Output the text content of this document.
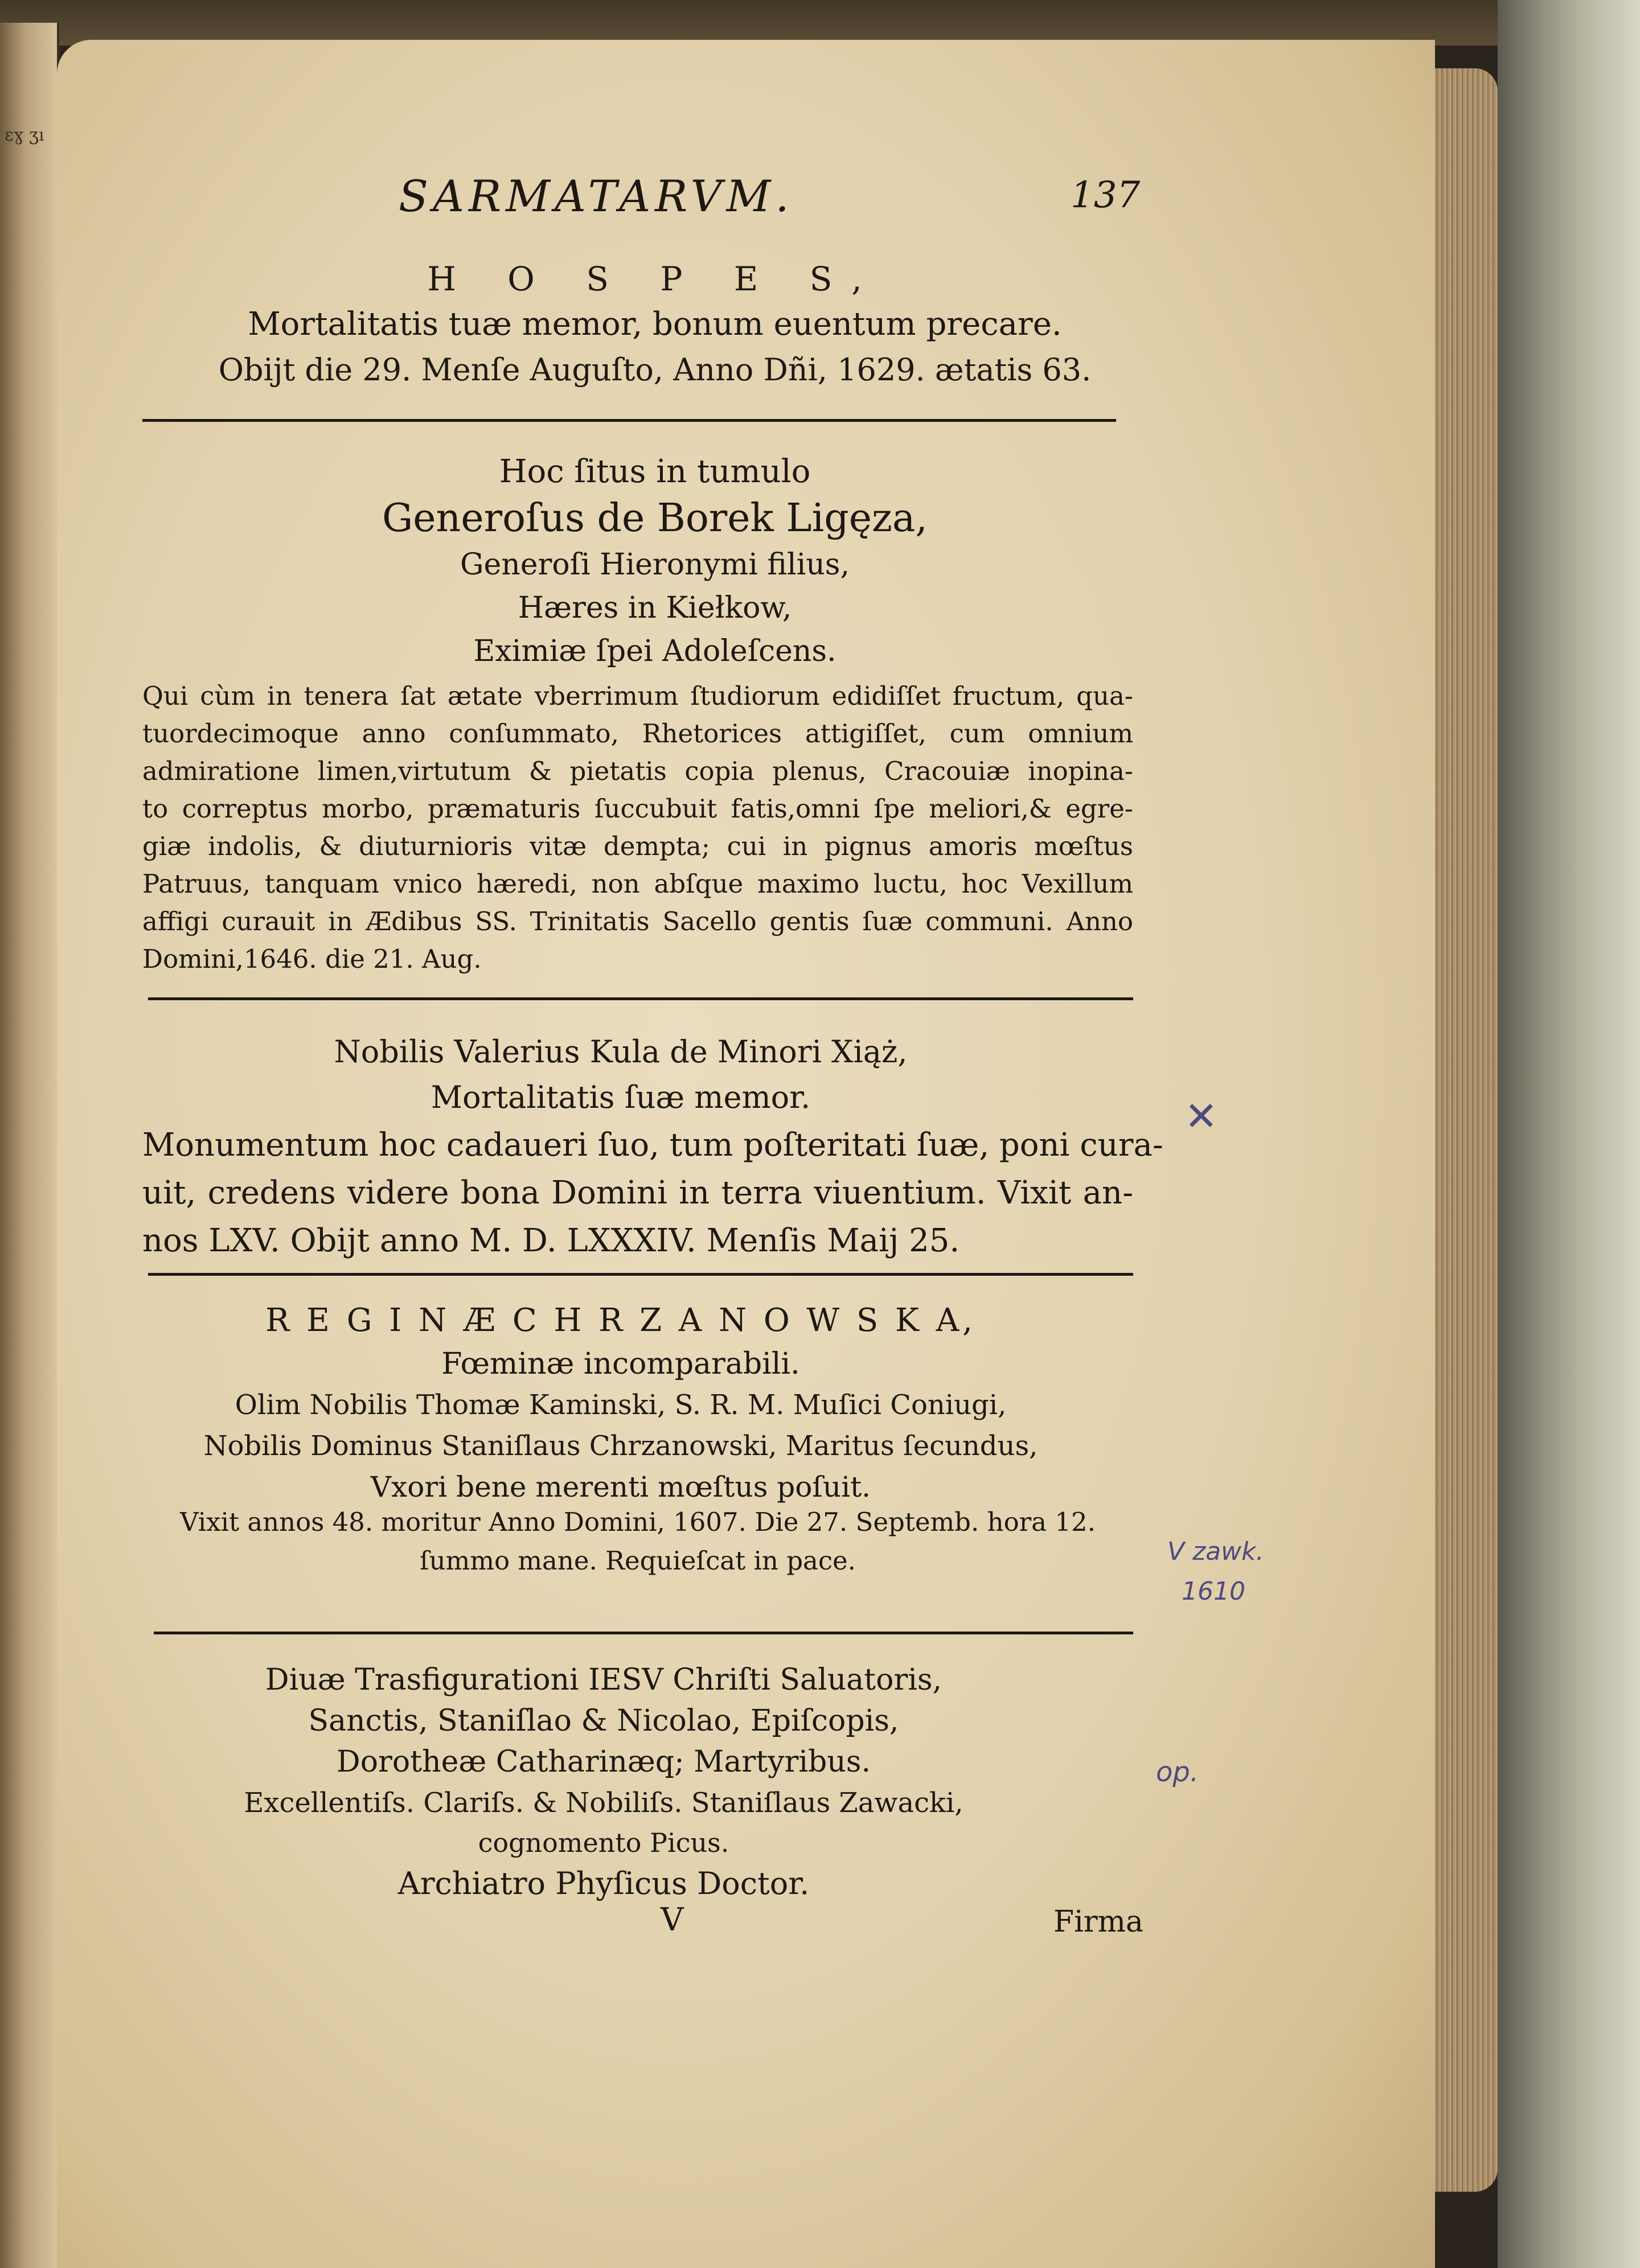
ɛɣ ʒı
SARMATARVM.	137
H O S P E S,
Mortalitatis tuæ memor, bonum euentum precare.
Obijt die 29. Menſe Auguſto, Anno Dñi, 1629. ætatis 63.
Hoc ſitus in tumulo
Generoſus de Borek Ligęza,
Generoſi Hieronymi filius,
Hæres in Kiełkow,
Eximiæ ſpei Adoleſcens.
Qui cùm in tenera ſat ætate vberrimum ſtudiorum edidiſſet fructum, qua-
tuordecimoque anno conſummato, Rhetorices attigiſſet, cum omnium
admiratione limen,virtutum & pietatis copia plenus, Cracouiæ inopina-
to correptus morbo, præmaturis ſuccubuit fatis,omni ſpe meliori,& egre-
giæ indolis, & diuturnioris vitæ dempta; cui in pignus amoris mœſtus
Patruus, tanquam vnico hæredi, non abſque maximo luctu, hoc Vexillum
affigi curauit in Ædibus SS. Trinitatis Sacello gentis ſuæ communi. Anno
Domini,1646. die 21. Aug.
Nobilis Valerius Kula de Minori Xiąż,
Mortalitatis ſuæ memor.
Monumentum hoc cadaueri ſuo, tum poſteritati ſuæ, poni cura-
uit, credens videre bona Domini in terra viuentium. Vixit an-
nos LXV. Obijt anno M. D. LXXXIV. Menſis Maij 25.
R E G I N Æ C H R Z A N O W S K A,
Fœminæ incomparabili.
Olim Nobilis Thomæ Kaminski, S. R. M. Muſici Coniugi,
Nobilis Dominus Staniſlaus Chrzanowski, Maritus ſecundus,
Vxori bene merenti mœſtus poſuit.
Vixit annos 48. moritur Anno Domini, 1607. Die 27. Septemb. hora 12.
ſummo mane. Requieſcat in pace.
Diuæ Trasfigurationi IESV Chriſti Saluatoris,
Sanctis, Staniſlao & Nicolao, Epiſcopis,
Dorotheæ Catharinæq; Martyribus.
Excellentiſs. Clariſs. & Nobiliſs. Staniſlaus Zawacki,
cognomento Picus.
Archiatro Phyſicus Doctor.
V	Firma
✕
V zawk.
1610
op.
